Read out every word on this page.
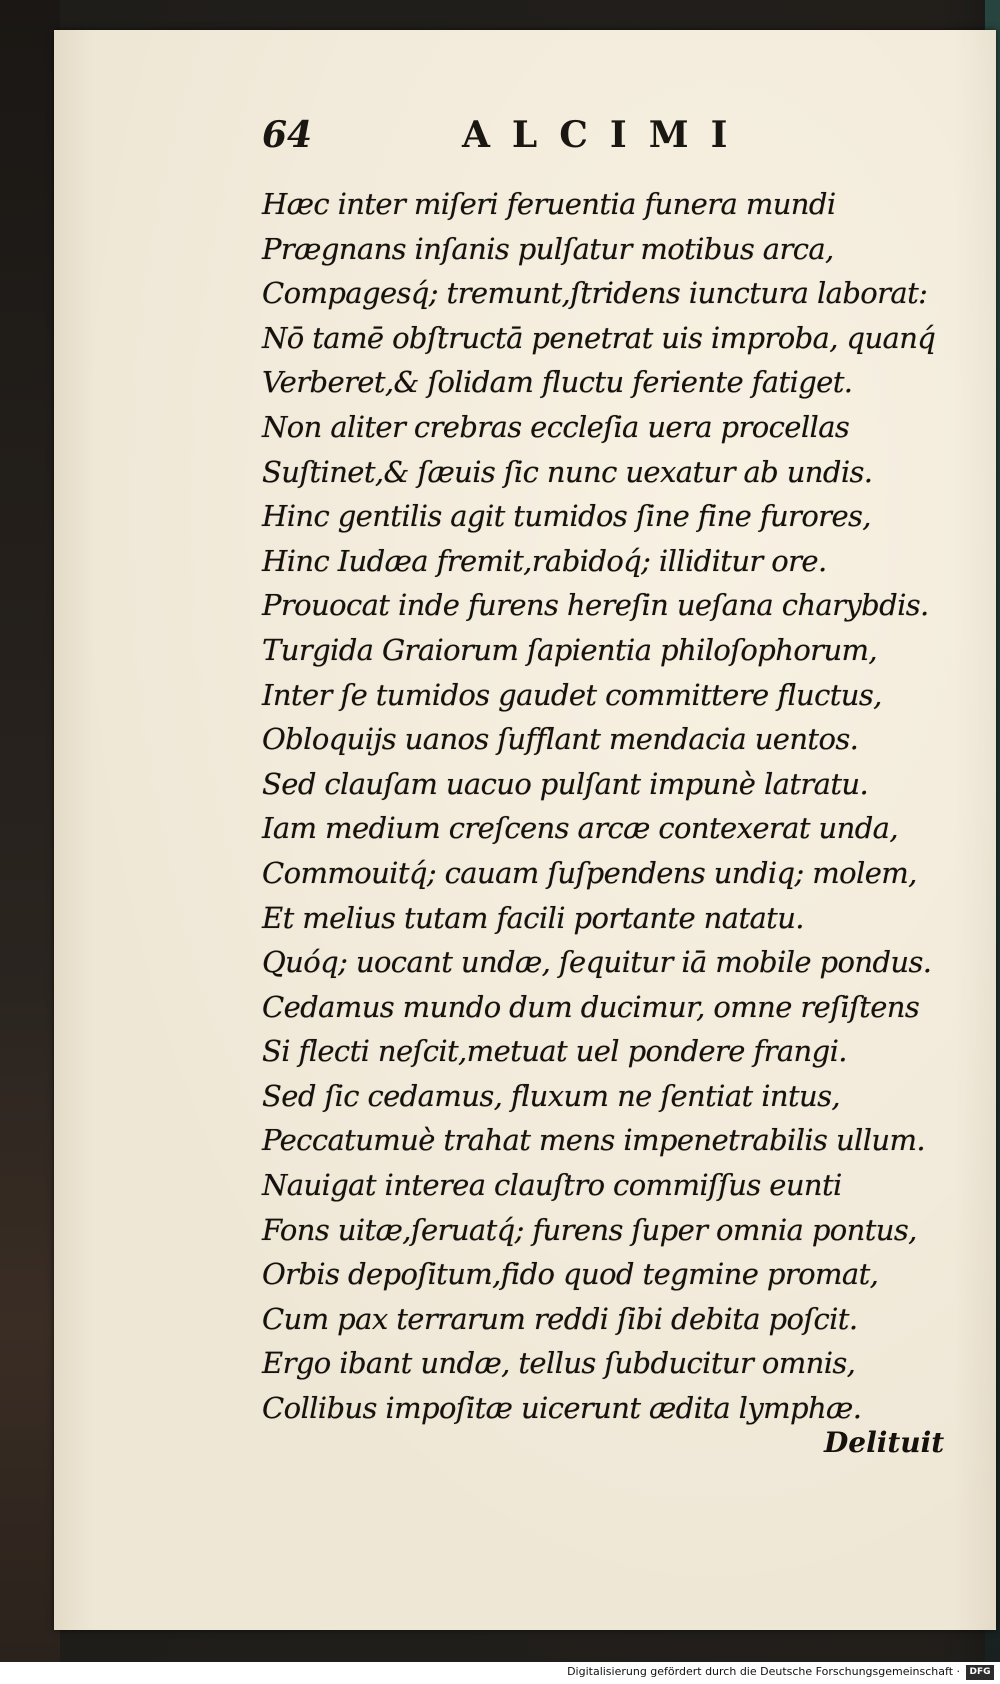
64	ALCIMI
Hæc inter miſeri feruentia funera mundi
Prægnans inſanis pulſatur motibus arca,
Compagesq́; tremunt,ſtridens iunctura laborat:
Nō tamē obſtructā penetrat uis improba, quanq́
Verberet,& ſolidam fluctu feriente fatiget.
Non aliter crebras eccleſia uera procellas
Suſtinet,& ſæuis ſic nunc uexatur ab undis.
Hinc gentilis agit tumidos ſine fine furores,
Hinc Iudæa fremit,rabidoq́; illiditur ore.
Prouocat inde furens hereſin ueſana charybdis.
Turgida Graiorum ſapientia philoſophorum,
Inter ſe tumidos gaudet committere fluctus,
Obloquijs uanos ſufflant mendacia uentos.
Sed clauſam uacuo pulſant impunè latratu.
Iam medium creſcens arcæ contexerat unda,
Commouitq́; cauam ſuſpendens undiq; molem,
Et melius tutam facili portante natatu.
Quóq; uocant undæ, ſequitur iā mobile pondus.
Cedamus mundo dum ducimur, omne reſiſtens
Si flecti neſcit,metuat uel pondere frangi.
Sed ſic cedamus, fluxum ne ſentiat intus,
Peccatumuè trahat mens impenetrabilis ullum.
Nauigat interea clauſtro commiſſus eunti
Fons uitæ,ſeruatq́; furens ſuper omnia pontus,
Orbis depoſitum,fido quod tegmine promat,
Cum pax terrarum reddi ſibi debita poſcit.
Ergo ibant undæ, tellus ſubducitur omnis,
Collibus impoſitæ uicerunt ædita lymphæ.
Delituit
Digitalisierung gefördert durch die Deutsche Forschungsgemeinschaft ·	DFG
